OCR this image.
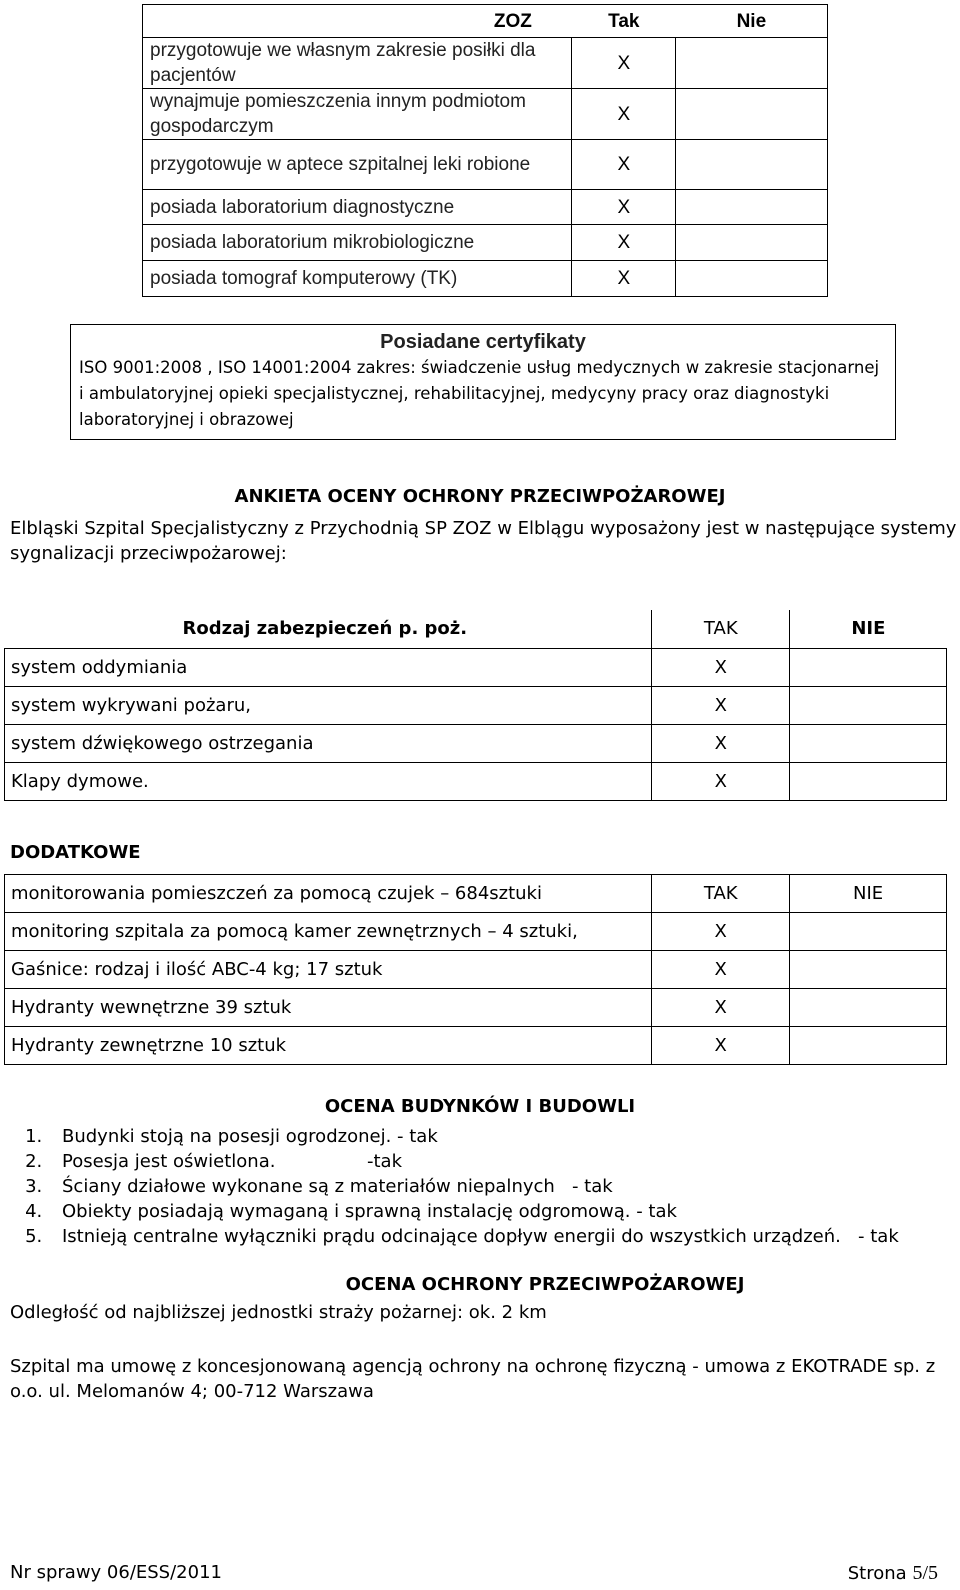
ZOZ	Tak	Nie
przygotowuje we własnym zakresie posiłki dla pacjentów	X	
wynajmuje pomieszczenia innym podmiotom gospodarczym	X	
przygotowuje w aptece szpitalnej leki robione	X	
posiada laboratorium diagnostyczne	X	
posiada laboratorium mikrobiologiczne	X	
posiada tomograf komputerowy (TK)	X	
Posiadane certyfikaty
ISO 9001:2008 , ISO 14001:2004 zakres: świadczenie usług medycznych w zakresie stacjonarnej i ambulatoryjnej opieki specjalistycznej, rehabilitacyjnej, medycyny pracy oraz diagnostyki laboratoryjnej i obrazowej
ANKIETA OCENY OCHRONY PRZECIWPOŻAROWEJ
Elbląski Szpital Specjalistyczny z Przychodnią SP ZOZ w Elblągu wyposażony jest w następujące systemy sygnalizacji przeciwpożarowej:
Rodzaj zabezpieczeń p. poż.	TAK	NIE
system oddymiania	X	
system wykrywani pożaru,	X	
system dźwiękowego ostrzegania	X	
Klapy dymowe.	X	
DODATKOWE
monitorowania pomieszczeń za pomocą czujek – 684sztuki	TAK	NIE
monitoring szpitala za pomocą kamer zewnętrznych – 4 sztuki,	X	
Gaśnice: rodzaj i ilość ABC-4 kg; 17 sztuk	X	
Hydranty wewnętrzne 39 sztuk	X	
Hydranty zewnętrzne 10 sztuk	X	
OCENA BUDYNKÓW I BUDOWLI
1. Budynki stoją na posesji ogrodzonej. - tak
2. Posesja jest oświetlona.                -tak
3. Ściany działowe wykonane są z materiałów niepalnych   - tak
4. Obiekty posiadają wymaganą i sprawną instalację odgromową. - tak
5. Istnieją centralne wyłączniki prądu odcinające dopływ energii do wszystkich urządzeń.   - tak
OCENA OCHRONY PRZECIWPOŻAROWEJ
Odległość od najbliższej jednostki straży pożarnej: ok. 2 km
Szpital ma umowę z koncesjonowaną agencją ochrony na ochronę fizyczną - umowa z EKOTRADE sp. z o.o. ul. Melomanów 4; 00-712 Warszawa
Nr sprawy 06/ESS/2011	Strona 5/5
